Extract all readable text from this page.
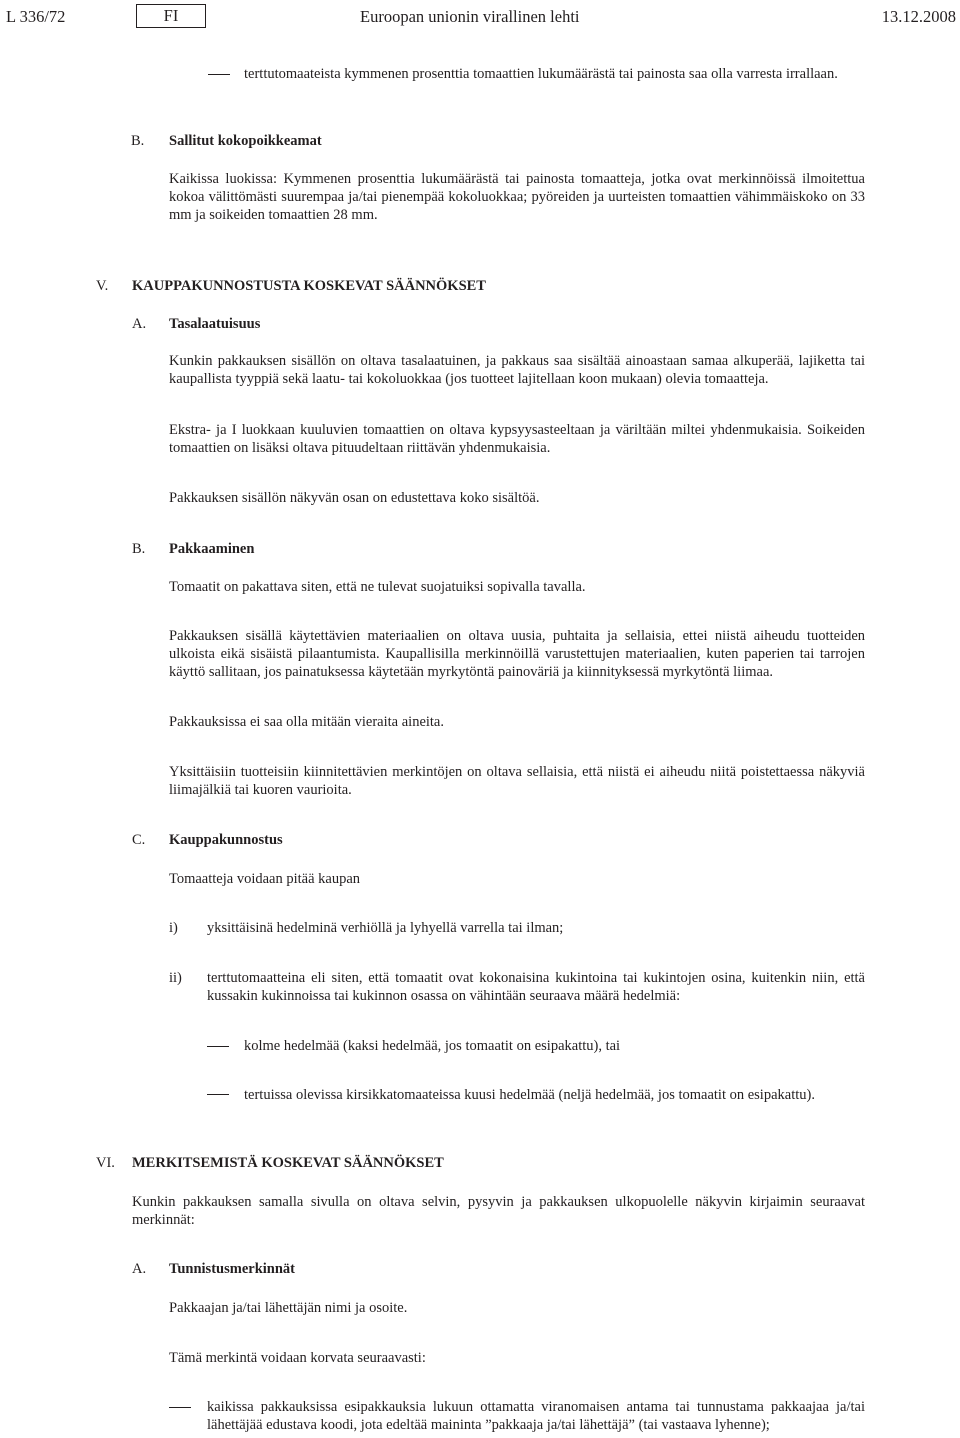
L 336/72	FI	Euroopan unionin virallinen lehti	13.12.2008
terttutomaateista kymmenen prosenttia tomaattien lukumäärästä tai painosta saa olla varresta irrallaan.
B. Sallitut kokopoikkeamat
Kaikissa luokissa: Kymmenen prosenttia lukumäärästä tai painosta tomaatteja, jotka ovat merkinnöissä ilmoitettua kokoa välittömästi suurempaa ja/tai pienempää kokoluokkaa; pyöreiden ja uurteisten tomaattien vähimmäiskoko on 33 mm ja soikeiden tomaattien 28 mm.
V. KAUPPAKUNNOSTUSTA KOSKEVAT SÄÄNNÖKSET
A. Tasalaatuisuus
Kunkin pakkauksen sisällön on oltava tasalaatuinen, ja pakkaus saa sisältää ainoastaan samaa alkuperää, lajiketta tai kaupallista tyyppiä sekä laatu- tai kokoluokkaa (jos tuotteet lajitellaan koon mukaan) olevia tomaatteja.
Ekstra- ja I luokkaan kuuluvien tomaattien on oltava kypsyysasteeltaan ja väriltään miltei yhdenmukaisia. Soikeiden tomaattien on lisäksi oltava pituudeltaan riittävän yhdenmukaisia.
Pakkauksen sisällön näkyvän osan on edustettava koko sisältöä.
B. Pakkaaminen
Tomaatit on pakattava siten, että ne tulevat suojatuiksi sopivalla tavalla.
Pakkauksen sisällä käytettävien materiaalien on oltava uusia, puhtaita ja sellaisia, ettei niistä aiheudu tuotteiden ulkoista eikä sisäistä pilaantumista. Kaupallisilla merkinnöillä varustettujen materiaalien, kuten paperien tai tarrojen käyttö sallitaan, jos painatuksessa käytetään myrkytöntä painoväriä ja kiinnityksessä myrkytöntä liimaa.
Pakkauksissa ei saa olla mitään vieraita aineita.
Yksittäisiin tuotteisiin kiinnitettävien merkintöjen on oltava sellaisia, että niistä ei aiheudu niitä poistettaessa näkyviä liimajälkiä tai kuoren vaurioita.
C. Kauppakunnostus
Tomaatteja voidaan pitää kaupan
i) yksittäisinä hedelminä verhiöllä ja lyhyellä varrella tai ilman;
ii) terttutomaatteina eli siten, että tomaatit ovat kokonaisina kukintoina tai kukintojen osina, kuitenkin niin, että kussakin kukinnoissa tai kukinnon osassa on vähintään seuraava määrä hedelmiä:
kolme hedelmää (kaksi hedelmää, jos tomaatit on esipakattu), tai
tertuissa olevissa kirsikkatomaateissa kuusi hedelmää (neljä hedelmää, jos tomaatit on esipakattu).
VI. MERKITSEMISTÄ KOSKEVAT SÄÄNNÖKSET
Kunkin pakkauksen samalla sivulla on oltava selvin, pysyvin ja pakkauksen ulkopuolelle näkyvin kirjaimin seuraavat merkinnät:
A. Tunnistusmerkinnät
Pakkaajan ja/tai lähettäjän nimi ja osoite.
Tämä merkintä voidaan korvata seuraavasti:
kaikissa pakkauksissa esipakkauksia lukuun ottamatta viranomaisen antama tai tunnustama pakkaajaa ja/tai lähettäjää edustava koodi, jota edeltää maininta ”pakkaaja ja/tai lähettäjä” (tai vastaava lyhenne);
